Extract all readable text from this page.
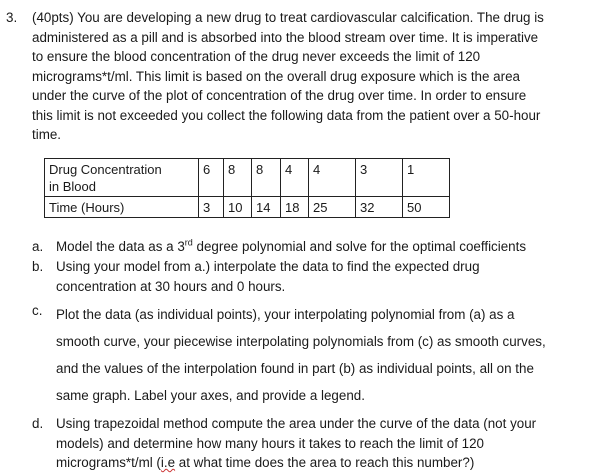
3. (40pts) You are developing a new drug to treat cardiovascular calcification. The drug is
administered as a pill and is absorbed into the blood stream over time. It is imperative
to ensure the blood concentration of the drug never exceeds the limit of 120
micrograms*t/ml. This limit is based on the overall drug exposure which is the area
under the curve of the plot of concentration of the drug over time. In order to ensure
this limit is not exceeded you collect the following data from the patient over a 50-hour
time.

Drug Concentration
in Blood	6	8	8	4	4	3	1
Time (Hours)	3	10	14	18	25	32	50
a. Model the data as a 3rd degree polynomial and solve for the optimal coefficients
b. Using your model from a.) interpolate the data to find the expected drug
concentration at 30 hours and 0 hours.
c. Plot the data (as individual points), your interpolating polynomial from (a) as a
smooth curve, your piecewise interpolating polynomials from (c) as smooth curves,
and the values of the interpolation found in part (b) as individual points, all on the
same graph. Label your axes, and provide a legend.
d. Using trapezoidal method compute the area under the curve of the data (not your
models) and determine how many hours it takes to reach the limit of 120
micrograms*t/ml (i.e at what time does the area to reach this number?)
